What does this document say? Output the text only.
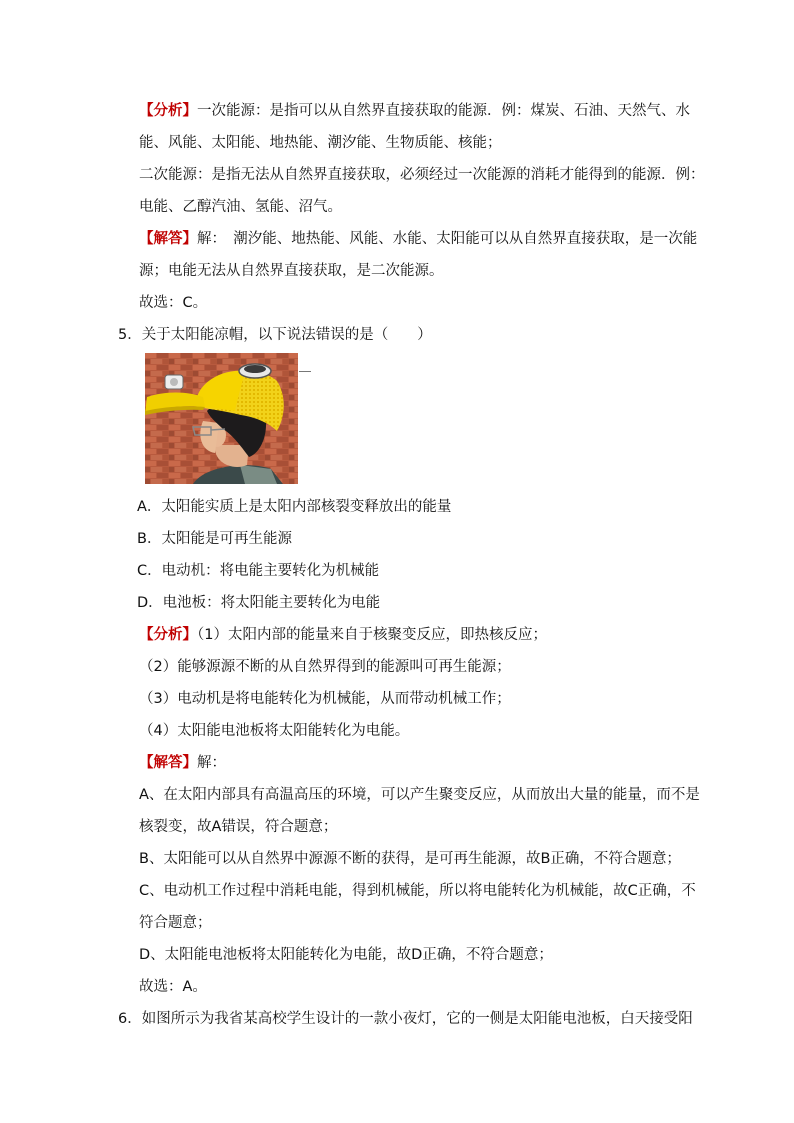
【分析】一次能源：是指可以从自然界直接获取的能源．例：煤炭、石油、天然气、水
能、风能、太阳能、地热能、潮汐能、生物质能、核能；
二次能源：是指无法从自然界直接获取，必须经过一次能源的消耗才能得到的能源．例：
电能、乙醇汽油、氢能、沼气。
【解答】解：　潮汐能、地热能、风能、水能、太阳能可以从自然界直接获取，是一次能
源；电能无法从自然界直接获取，是二次能源。
故选：C。
5．关于太阳能凉帽，以下说法错误的是（　　）
A．太阳能实质上是太阳内部核裂变释放出的能量
B．太阳能是可再生能源
C．电动机：将电能主要转化为机械能
D．电池板：将太阳能主要转化为电能
【分析】（1）太阳内部的能量来自于核聚变反应，即热核反应；
（2）能够源源不断的从自然界得到的能源叫可再生能源；
（3）电动机是将电能转化为机械能，从而带动机械工作；
（4）太阳能电池板将太阳能转化为电能。
【解答】解：
A、在太阳内部具有高温高压的环境，可以产生聚变反应，从而放出大量的能量，而不是
核裂变，故A错误，符合题意；
B、太阳能可以从自然界中源源不断的获得，是可再生能源，故B正确，不符合题意；
C、电动机工作过程中消耗电能，得到机械能，所以将电能转化为机械能，故C正确，不
符合题意；
D、太阳能电池板将太阳能转化为电能，故D正确，不符合题意；
故选：A。
6．如图所示为我省某高校学生设计的一款小夜灯，它的一侧是太阳能电池板，白天接受阳
